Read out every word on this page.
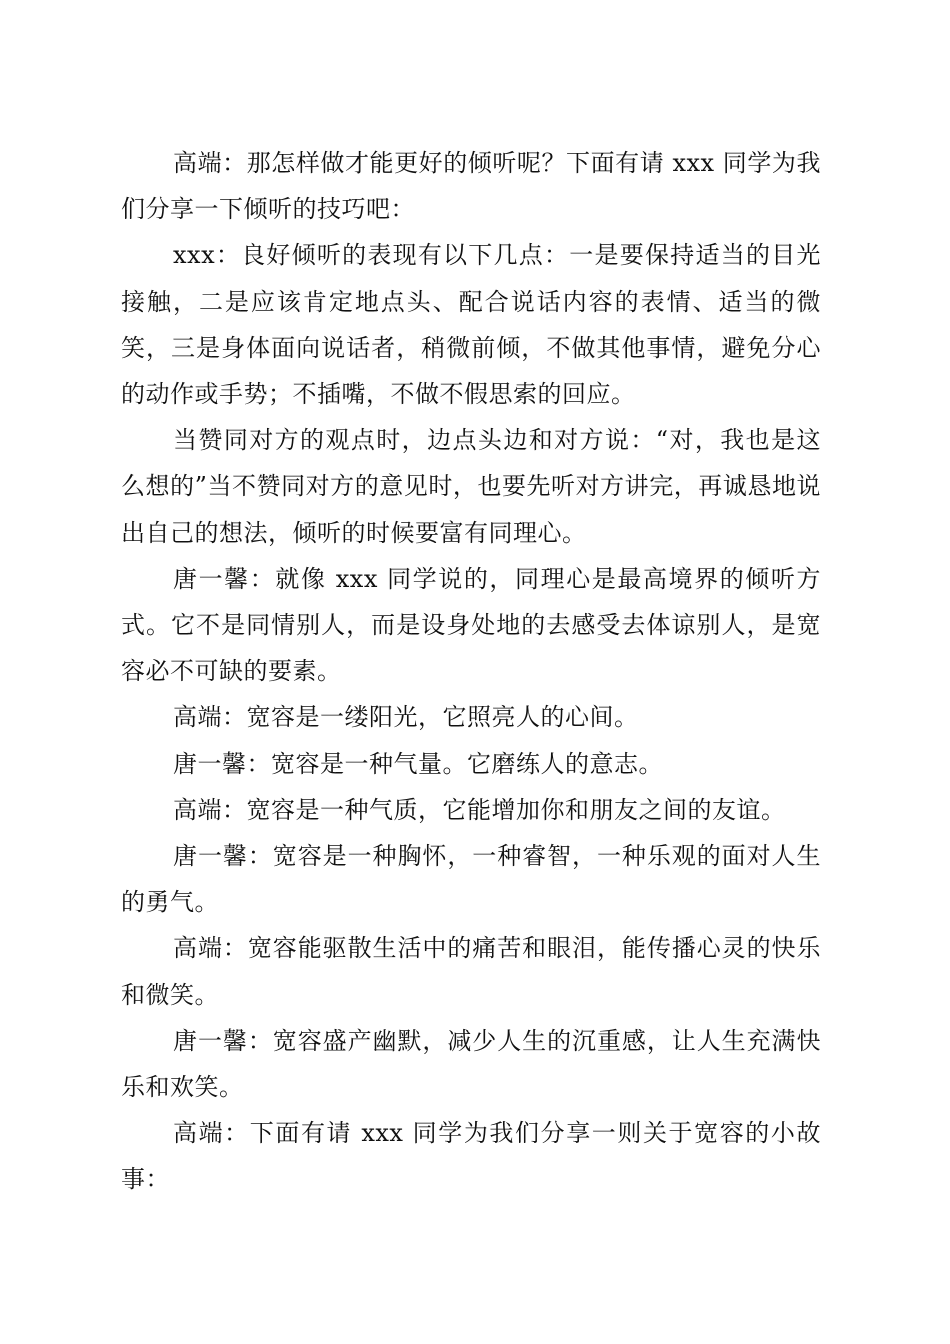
高端：那怎样做才能更好的倾听呢？下面有请 xxx 同学为我们分享一下倾听的技巧吧：

xxx：良好倾听的表现有以下几点：一是要保持适当的目光接触，二是应该肯定地点头、配合说话内容的表情、适当的微笑，三是身体面向说话者，稍微前倾，不做其他事情，避免分心的动作或手势；不插嘴，不做不假思索的回应。

当赞同对方的观点时，边点头边和对方说：“对，我也是这么想的”当不赞同对方的意见时，也要先听对方讲完，再诚恳地说出自己的想法，倾听的时候要富有同理心。

唐一馨：就像 xxx 同学说的，同理心是最高境界的倾听方式。它不是同情别人，而是设身处地的去感受去体谅别人，是宽容必不可缺的要素。

高端：宽容是一缕阳光，它照亮人的心间。

唐一馨：宽容是一种气量。它磨练人的意志。

高端：宽容是一种气质，它能增加你和朋友之间的友谊。

唐一馨：宽容是一种胸怀，一种睿智，一种乐观的面对人生的勇气。

高端：宽容能驱散生活中的痛苦和眼泪，能传播心灵的快乐和微笑。

唐一馨：宽容盛产幽默，减少人生的沉重感，让人生充满快乐和欢笑。

高端：下面有请 xxx 同学为我们分享一则关于宽容的小故事：
